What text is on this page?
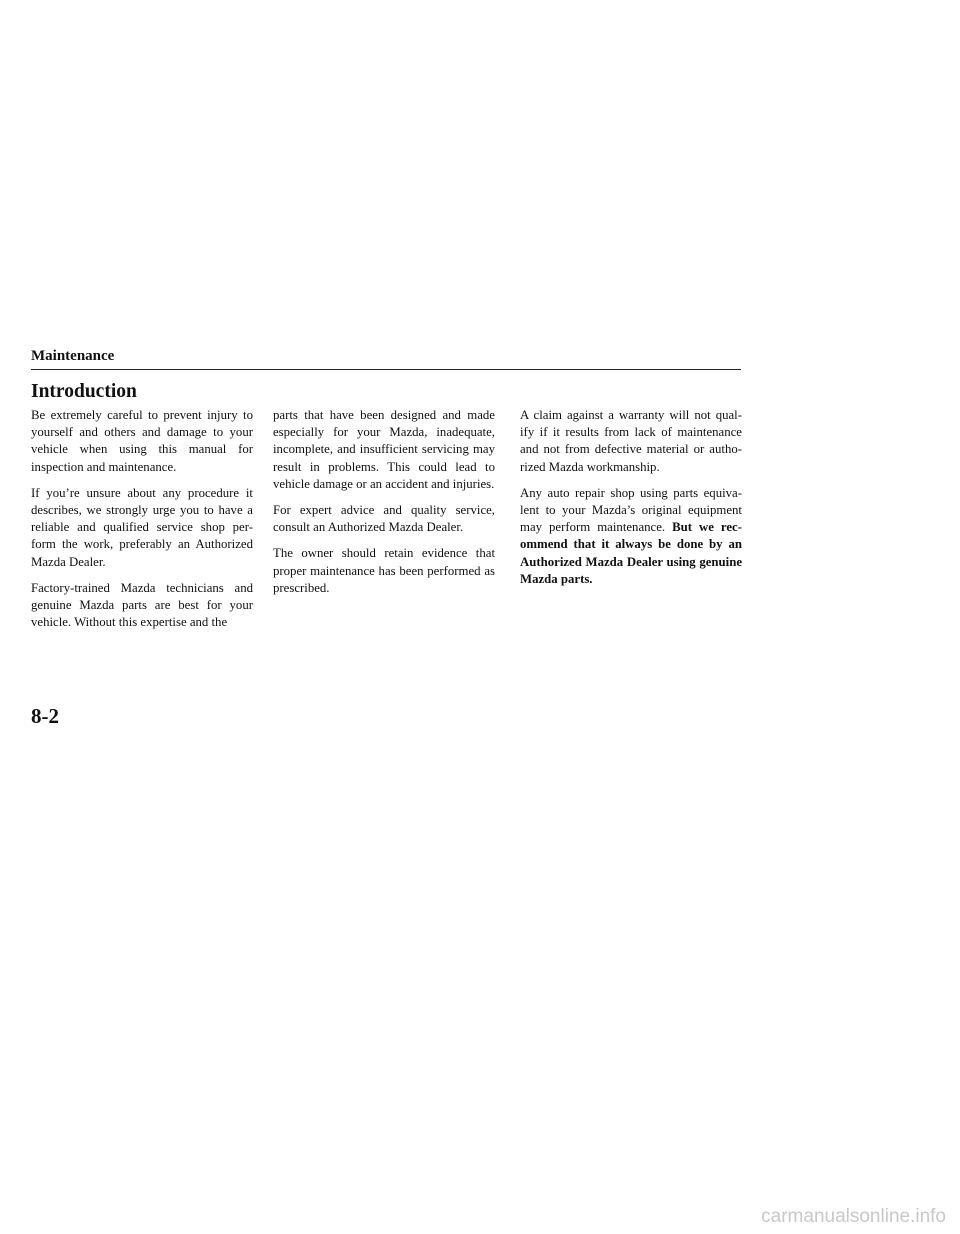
Maintenance
Introduction

Be extremely careful to prevent injury to yourself and others and damage to your vehicle when using this manual for inspection and maintenance.

If you’re unsure about any procedure it describes, we strongly urge you to have a reliable and qualified service shop per-form the work, preferably an Authorized Mazda Dealer.

Factory-trained Mazda technicians and genuine Mazda parts are best for your vehicle. Without this expertise and the

parts that have been designed and made especially for your Mazda, inadequate, incomplete, and insufficient servicing may result in problems. This could lead to vehicle damage or an accident and injuries.

For expert advice and quality service, consult an Authorized Mazda Dealer.

The owner should retain evidence that proper maintenance has been performed as prescribed.

A claim against a warranty will not qual-ify if it results from lack of maintenance and not from defective material or autho-rized Mazda workmanship.

Any auto repair shop using parts equiva-lent to your Mazda’s original equipment may perform maintenance. But we rec-ommend that it always be done by an Authorized Mazda Dealer using genuine Mazda parts.

8-2
carmanualsonline.info
